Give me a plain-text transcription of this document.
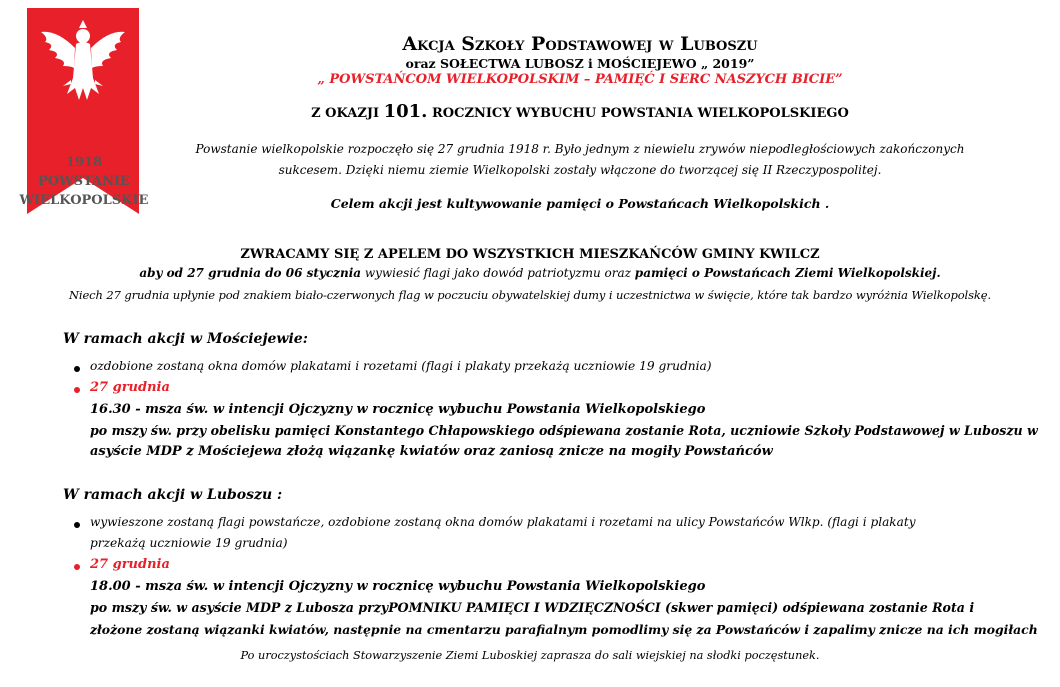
1918
POWSTANIE
WIELKOPOLSKIE
Akcja Szkoły Podstawowej w Luboszu
oraz SOŁECTWA LUBOSZ i MOŚCIEJEWO „ 2019”
„ POWSTAŃCOM WIELKOPOLSKIM – PAMIĘĆ I SERC NASZYCH BICIE”
Z OKAZJI 101. ROCZNICY WYBUCHU POWSTANIA WIELKOPOLSKIEGO
Powstanie wielkopolskie rozpoczęło się 27 grudnia 1918 r. Było jednym z niewielu zrywów niepodległościowych zakończonych
sukcesem. Dzięki niemu ziemie Wielkopolski zostały włączone do tworzącej się II Rzeczypospolitej.
Celem akcji jest kultywowanie pamięci o Powstańcach Wielkopolskich .
ZWRACAMY SIĘ Z APELEM DO WSZYSTKICH MIESZKAŃCÓW GMINY KWILCZ
aby od 27 grudnia do 06 stycznia wywiesić flagi jako dowód patriotyzmu oraz pamięci o Powstańcach Ziemi Wielkopolskiej.
Niech 27 grudnia upłynie pod znakiem biało-czerwonych flag w poczuciu obywatelskiej dumy i uczestnictwa w święcie, które tak bardzo wyróżnia Wielkopolskę.
W ramach akcji w Mościejewie:
ozdobione zostaną okna domów plakatami i rozetami (flagi i plakaty przekażą uczniowie 19 grudnia)
27 grudnia
16.30 - msza św. w intencji Ojczyzny w rocznicę wybuchu Powstania Wielkopolskiego
po mszy św. przy obelisku pamięci Konstantego Chłapowskiego odśpiewana zostanie Rota, uczniowie Szkoły Podstawowej w Luboszu w
asyście MDP z Mościejewa złożą wiązankę kwiatów oraz zaniosą znicze na mogiły Powstańców
W ramach akcji w Luboszu :
wywieszone zostaną flagi powstańcze, ozdobione zostaną okna domów plakatami i rozetami na ulicy Powstańców Wlkp. (flagi i plakaty
przekażą uczniowie 19 grudnia)
27 grudnia
18.00 - msza św. w intencji Ojczyzny w rocznicę wybuchu Powstania Wielkopolskiego
po mszy św. w asyście MDP z Lubosza przyPOMNIKU PAMIĘCI I WDZIĘCZNOŚCI (skwer pamięci) odśpiewana zostanie Rota i
złożone zostaną wiązanki kwiatów, następnie na cmentarzu parafialnym pomodlimy się za Powstańców i zapalimy znicze na ich mogiłach
Po uroczystościach Stowarzyszenie Ziemi Luboskiej zaprasza do sali wiejskiej na słodki poczęstunek.
